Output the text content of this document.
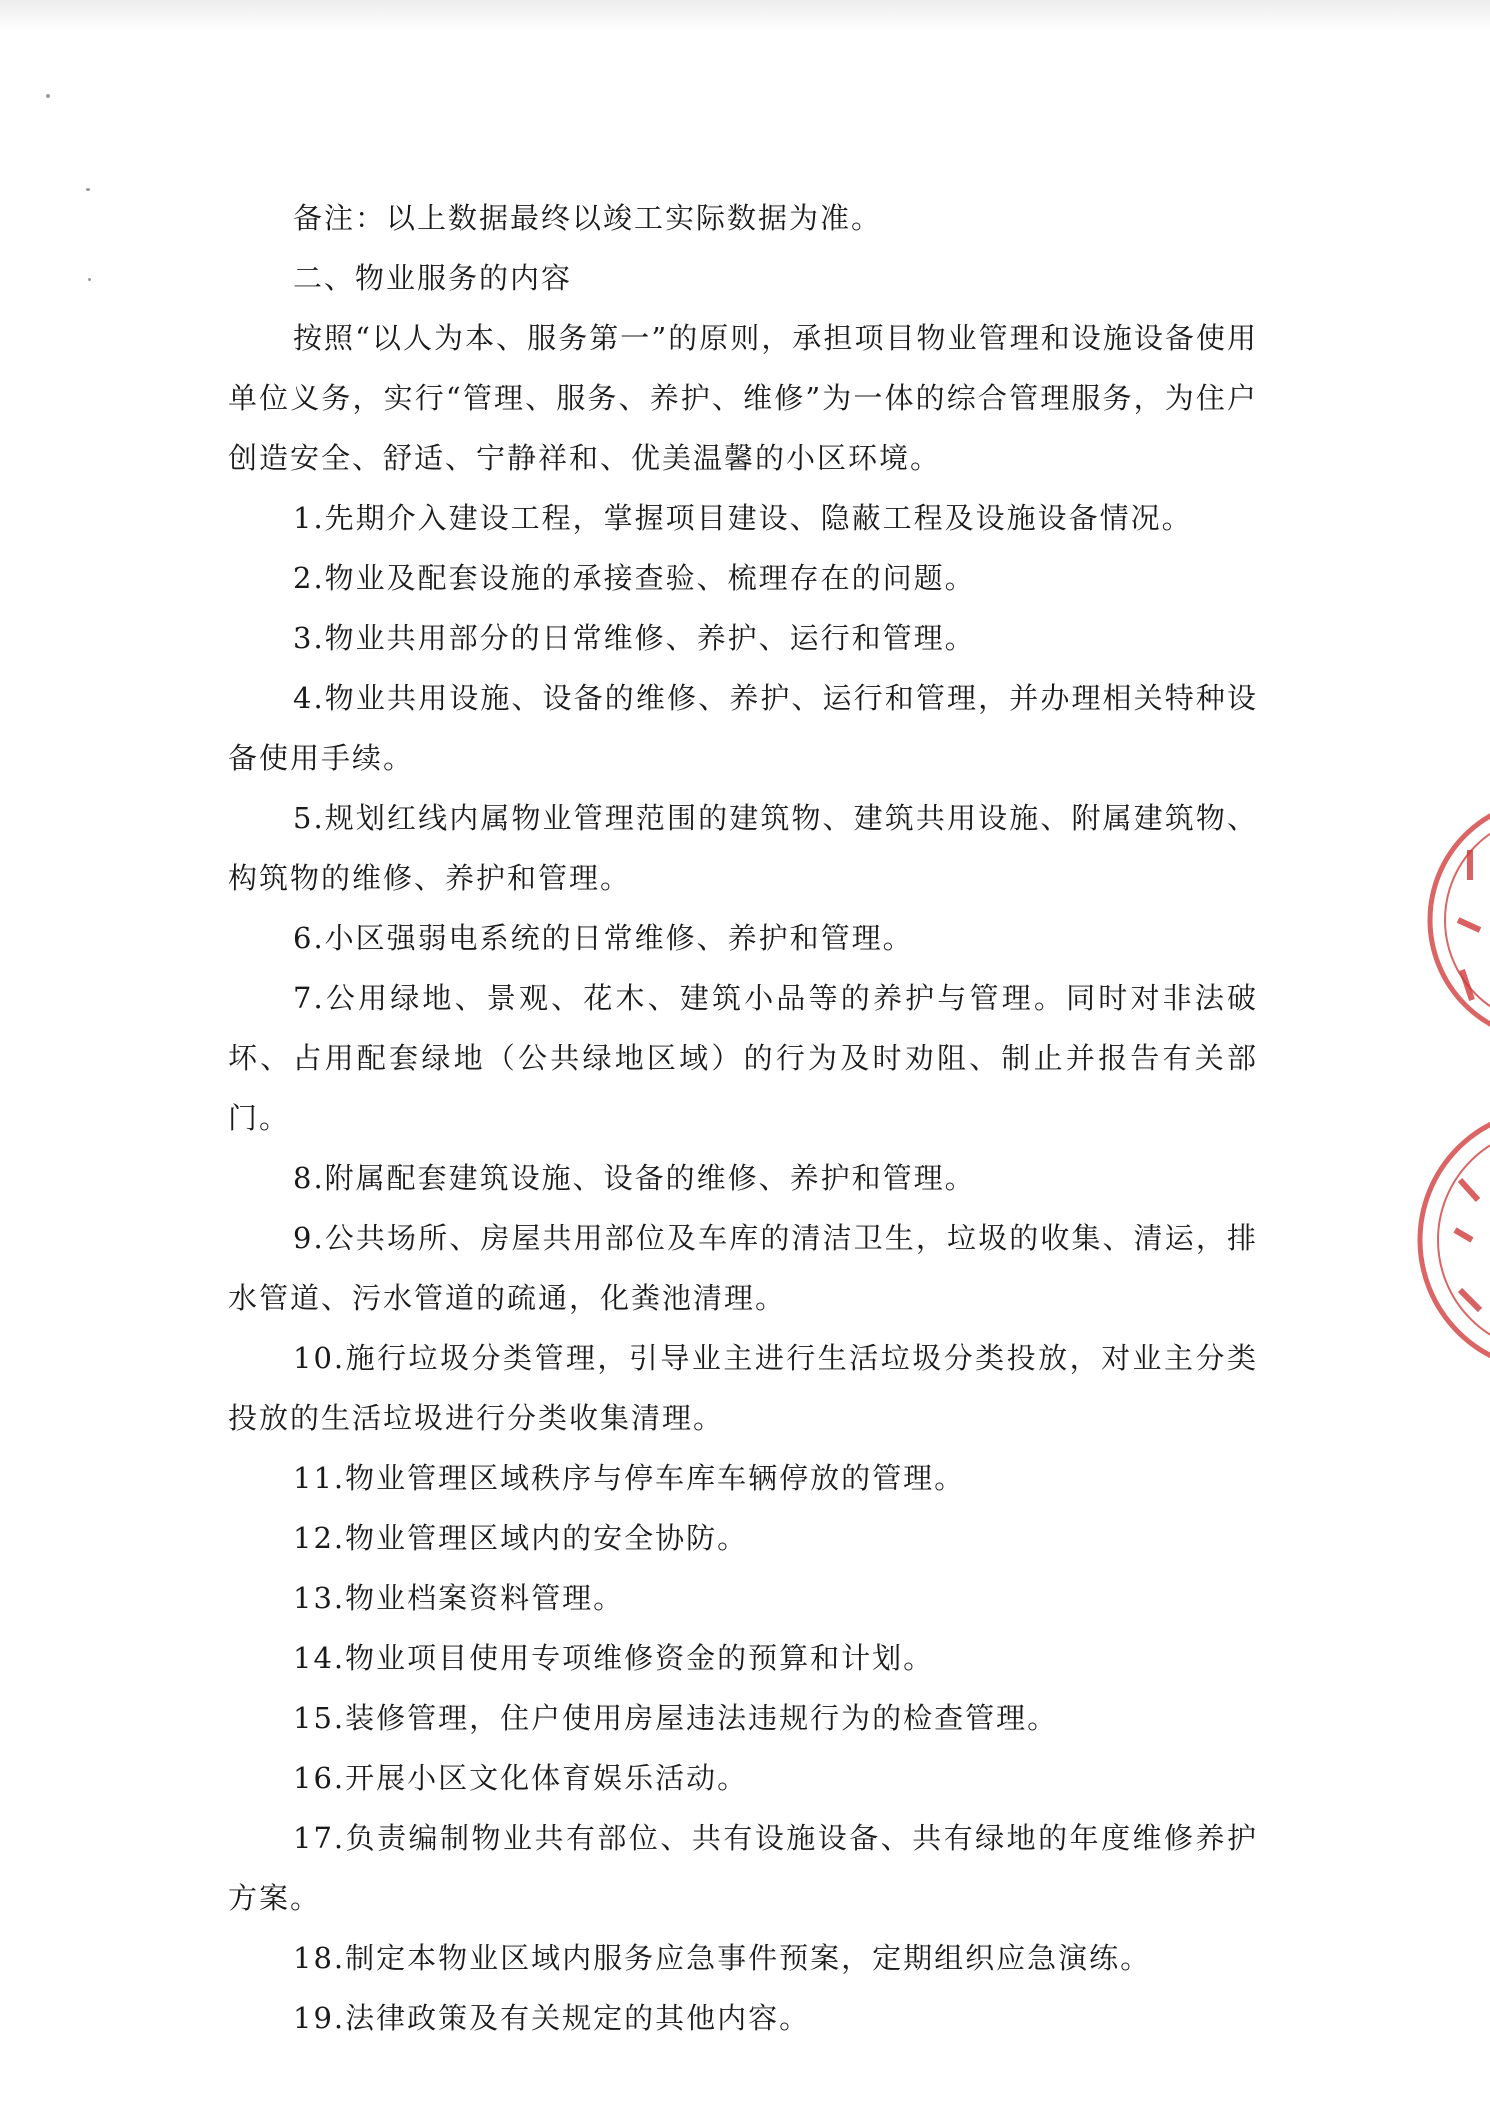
备注：以上数据最终以竣工实际数据为准。

二、物业服务的内容

按照“以人为本、服务第一”的原则，承担项目物业管理和设施设备使用单位义务，实行“管理、服务、养护、维修”为一体的综合管理服务，为住户创造安全、舒适、宁静祥和、优美温馨的小区环境。

1.先期介入建设工程，掌握项目建设、隐蔽工程及设施设备情况。

2.物业及配套设施的承接查验、梳理存在的问题。

3.物业共用部分的日常维修、养护、运行和管理。

4.物业共用设施、设备的维修、养护、运行和管理，并办理相关特种设备使用手续。

5.规划红线内属物业管理范围的建筑物、建筑共用设施、附属建筑物、构筑物的维修、养护和管理。

6.小区强弱电系统的日常维修、养护和管理。

7.公用绿地、景观、花木、建筑小品等的养护与管理。同时对非法破坏、占用配套绿地（公共绿地区域）的行为及时劝阻、制止并报告有关部门。

8.附属配套建筑设施、设备的维修、养护和管理。

9.公共场所、房屋共用部位及车库的清洁卫生，垃圾的收集、清运，排水管道、污水管道的疏通，化粪池清理。

10.施行垃圾分类管理，引导业主进行生活垃圾分类投放，对业主分类投放的生活垃圾进行分类收集清理。

11.物业管理区域秩序与停车库车辆停放的管理。

12.物业管理区域内的安全协防。

13.物业档案资料管理。

14.物业项目使用专项维修资金的预算和计划。

15.装修管理，住户使用房屋违法违规行为的检查管理。

16.开展小区文化体育娱乐活动。

17.负责编制物业共有部位、共有设施设备、共有绿地的年度维修养护方案。

18.制定本物业区域内服务应急事件预案，定期组织应急演练。

19.法律政策及有关规定的其他内容。
